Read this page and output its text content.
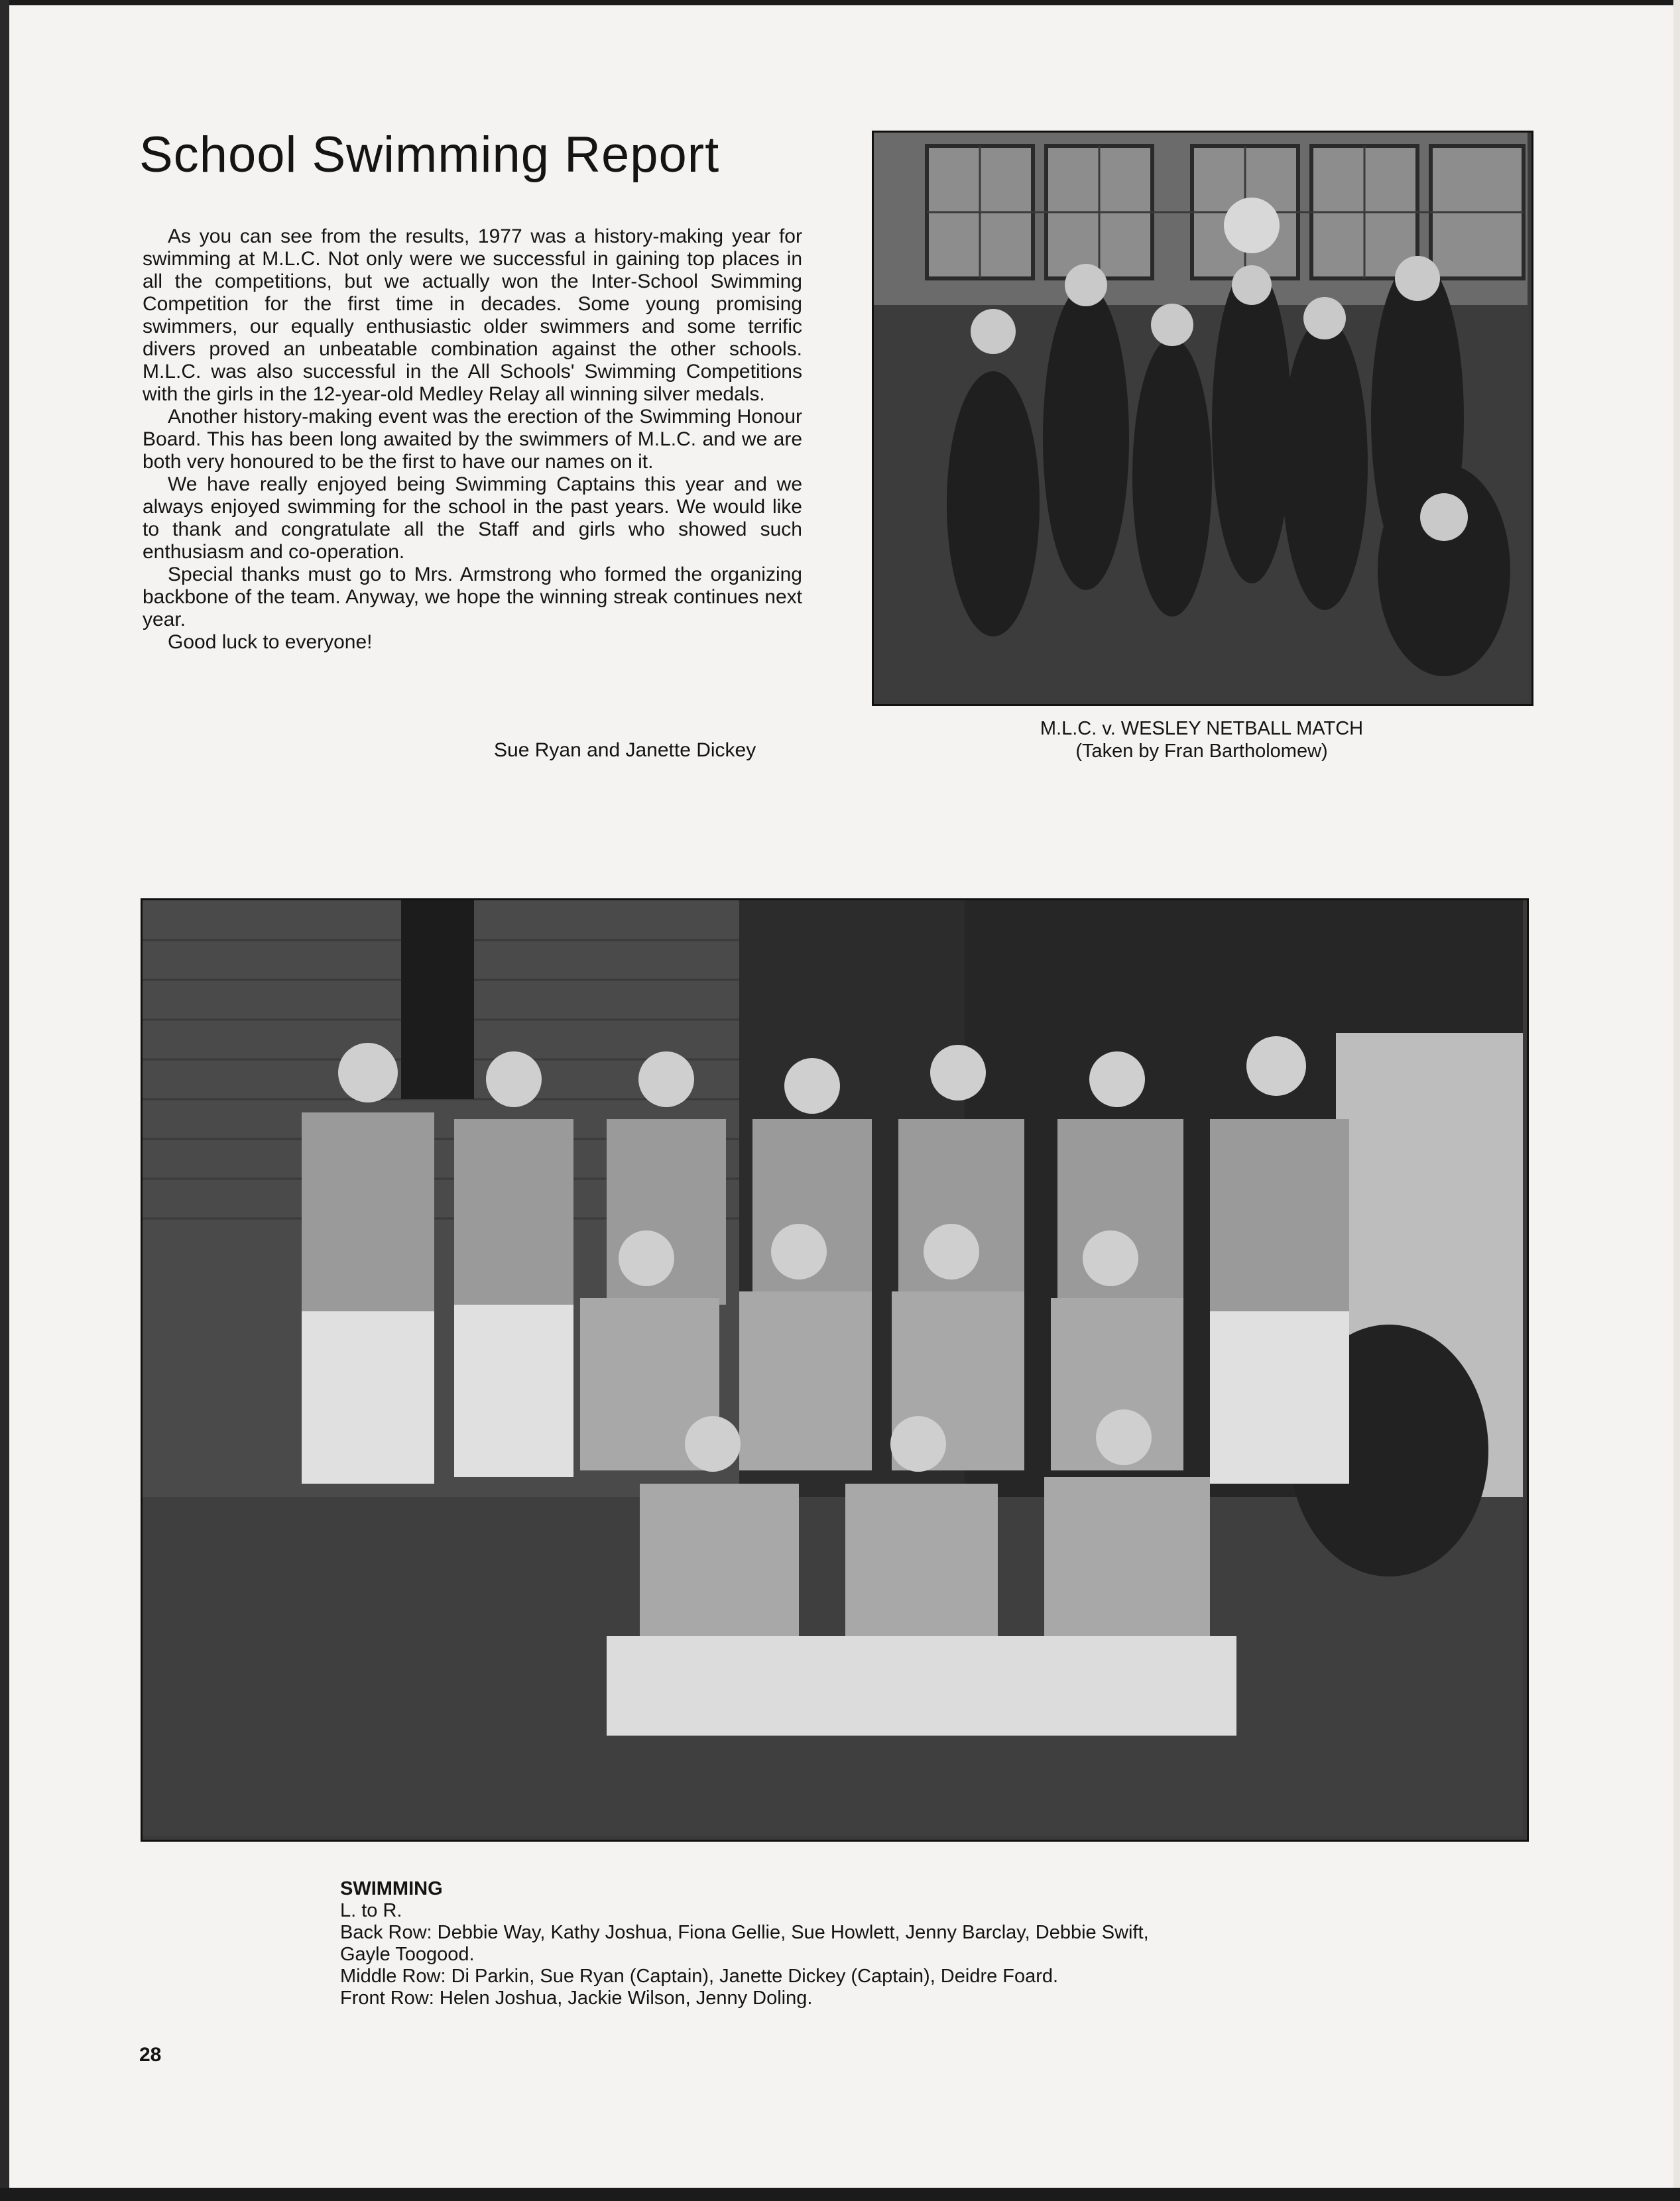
School Swimming Report

As you can see from the results, 1977 was a history-making year for swimming at M.L.C. Not only were we successful in gaining top places in all the competitions, but we actually won the Inter-School Swimming Competition for the first time in decades. Some young promising swimmers, our equally enthusiastic older swimmers and some terrific divers proved an unbeatable combination against the other schools. M.L.C. was also successful in the All Schools' Swimming Competitions with the girls in the 12-year-old Medley Relay all winning silver medals.

Another history-making event was the erection of the Swimming Honour Board. This has been long awaited by the swimmers of M.L.C. and we are both very honoured to be the first to have our names on it.

We have really enjoyed being Swimming Captains this year and we always enjoyed swimming for the school in the past years. We would like to thank and congratulate all the Staff and girls who showed such enthusiasm and co-operation.

Special thanks must go to Mrs. Armstrong who formed the organizing backbone of the team. Anyway, we hope the winning streak continues next year.

Good luck to everyone!

Sue Ryan and Janette Dickey
M.L.C. v. WESLEY NETBALL MATCH
(Taken by Fran Bartholomew)
SWIMMING
L. to R.
Back Row: Debbie Way, Kathy Joshua, Fiona Gellie, Sue Howlett, Jenny Barclay, Debbie Swift,
Gayle Toogood.
Middle Row: Di Parkin, Sue Ryan (Captain), Janette Dickey (Captain), Deidre Foard.
Front Row: Helen Joshua, Jackie Wilson, Jenny Doling.
28
